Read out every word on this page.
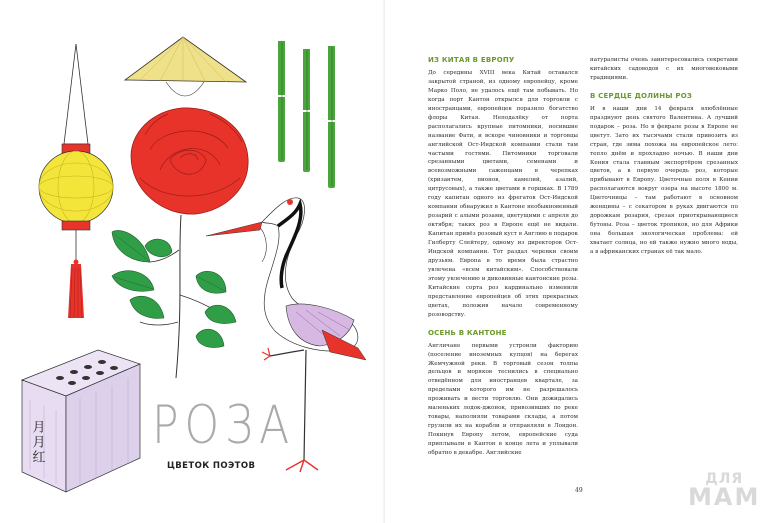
月月红 РОЗА
ЦВЕТОК ПОЭТОВ
ИЗ КИТАЯ В ЕВРОПУ

До середины XVIII века Китай оставался закрытой страной, из одному европейцу, кроме Марко Поло, не удалось ещё там побывать. Но когда порт Кантон открылся для торговли с иностранцами, европейцев поразило богатство флоры Китая. Неподалёку от порта располагались крупные питомники, носившие название Фати, и вскоре чиновники и торговцы английской Ост-Индской компании стали там частыми гостями. Питомники торговали срезанными цветами, семенами и всевозможными саженцами в черепках (хризантем, пионов, камелий, азалий, цитрусовых), а также цветами в горшках. В 1789 году капитан одного из фрегатов Ост-Индской компании обнаружил в Кантоне необыкновенный розарий с алыми розами, цветущими с апреля до октября; таких роз в Европе ещё не видали. Капитан привёз розовый куст в Англию в подарок Гилберту Слейтеру, одному из директоров Ост-Индской компании. Тот раздал черенки своим друзьям. Европа в то время была страстно увлечена «всем китайским». Способствовали этому увлечению и диковинные кантонские розы. Китайские сорта роз кардинально изменили представление европейцев об этих прекрасных цветах, положив начало современному розоводству.

ОСЕНЬ В КАНТОНЕ

Англичане первыми устроили факторию (поселение иноземных купцов) на берегах Жемчужной реки. В торговый сезон толпы дельцов и моряков теснились в специально отведённом для иностранцев квартале, за пределами которого им не разрешалось проживать и вести торговлю. Они дожидались маленьких лодок-джонок, привозивших по реке товары, наполняли товарами склады, а потом грузили их на корабли и отправляли в Лондон. Покинув Европу летом, европейские суда приплывали в Кантон в конце лета и уплывали обратно в декабре. Английские

натуралисты очень заинтересовались секретами китайских садоводов с их многовековыми традициями.

В СЕРДЦЕ ДОЛИНЫ РОЗ

И в наши дни 14 февраля влюблённые празднуют день святого Валентина. А лучший подарок – роза. Но в феврале розы в Европе не цветут. Зато их тысячами стали привозить из стран, где зима похожа на европейское лето: тепло днём и прохладно ночью. В наши дни Кения стала главным экспортёром срезанных цветов, а в первую очередь роз, которые прибывают в Европу. Цветочные поля в Кении располагаются вокруг озера на высоте 1800 м. Цветочницы – там работают в основном женщины – с секатором в руках двигаются по дорожкам розария, срезая приоткрывающиеся бутоны. Роза – цветок тропиков, но для Африки она большая экологическая проблема: ей хватает солнца, но ей также нужно много воды, а в африканских странах её так мало.

49
ДЛЯ
МАМ
